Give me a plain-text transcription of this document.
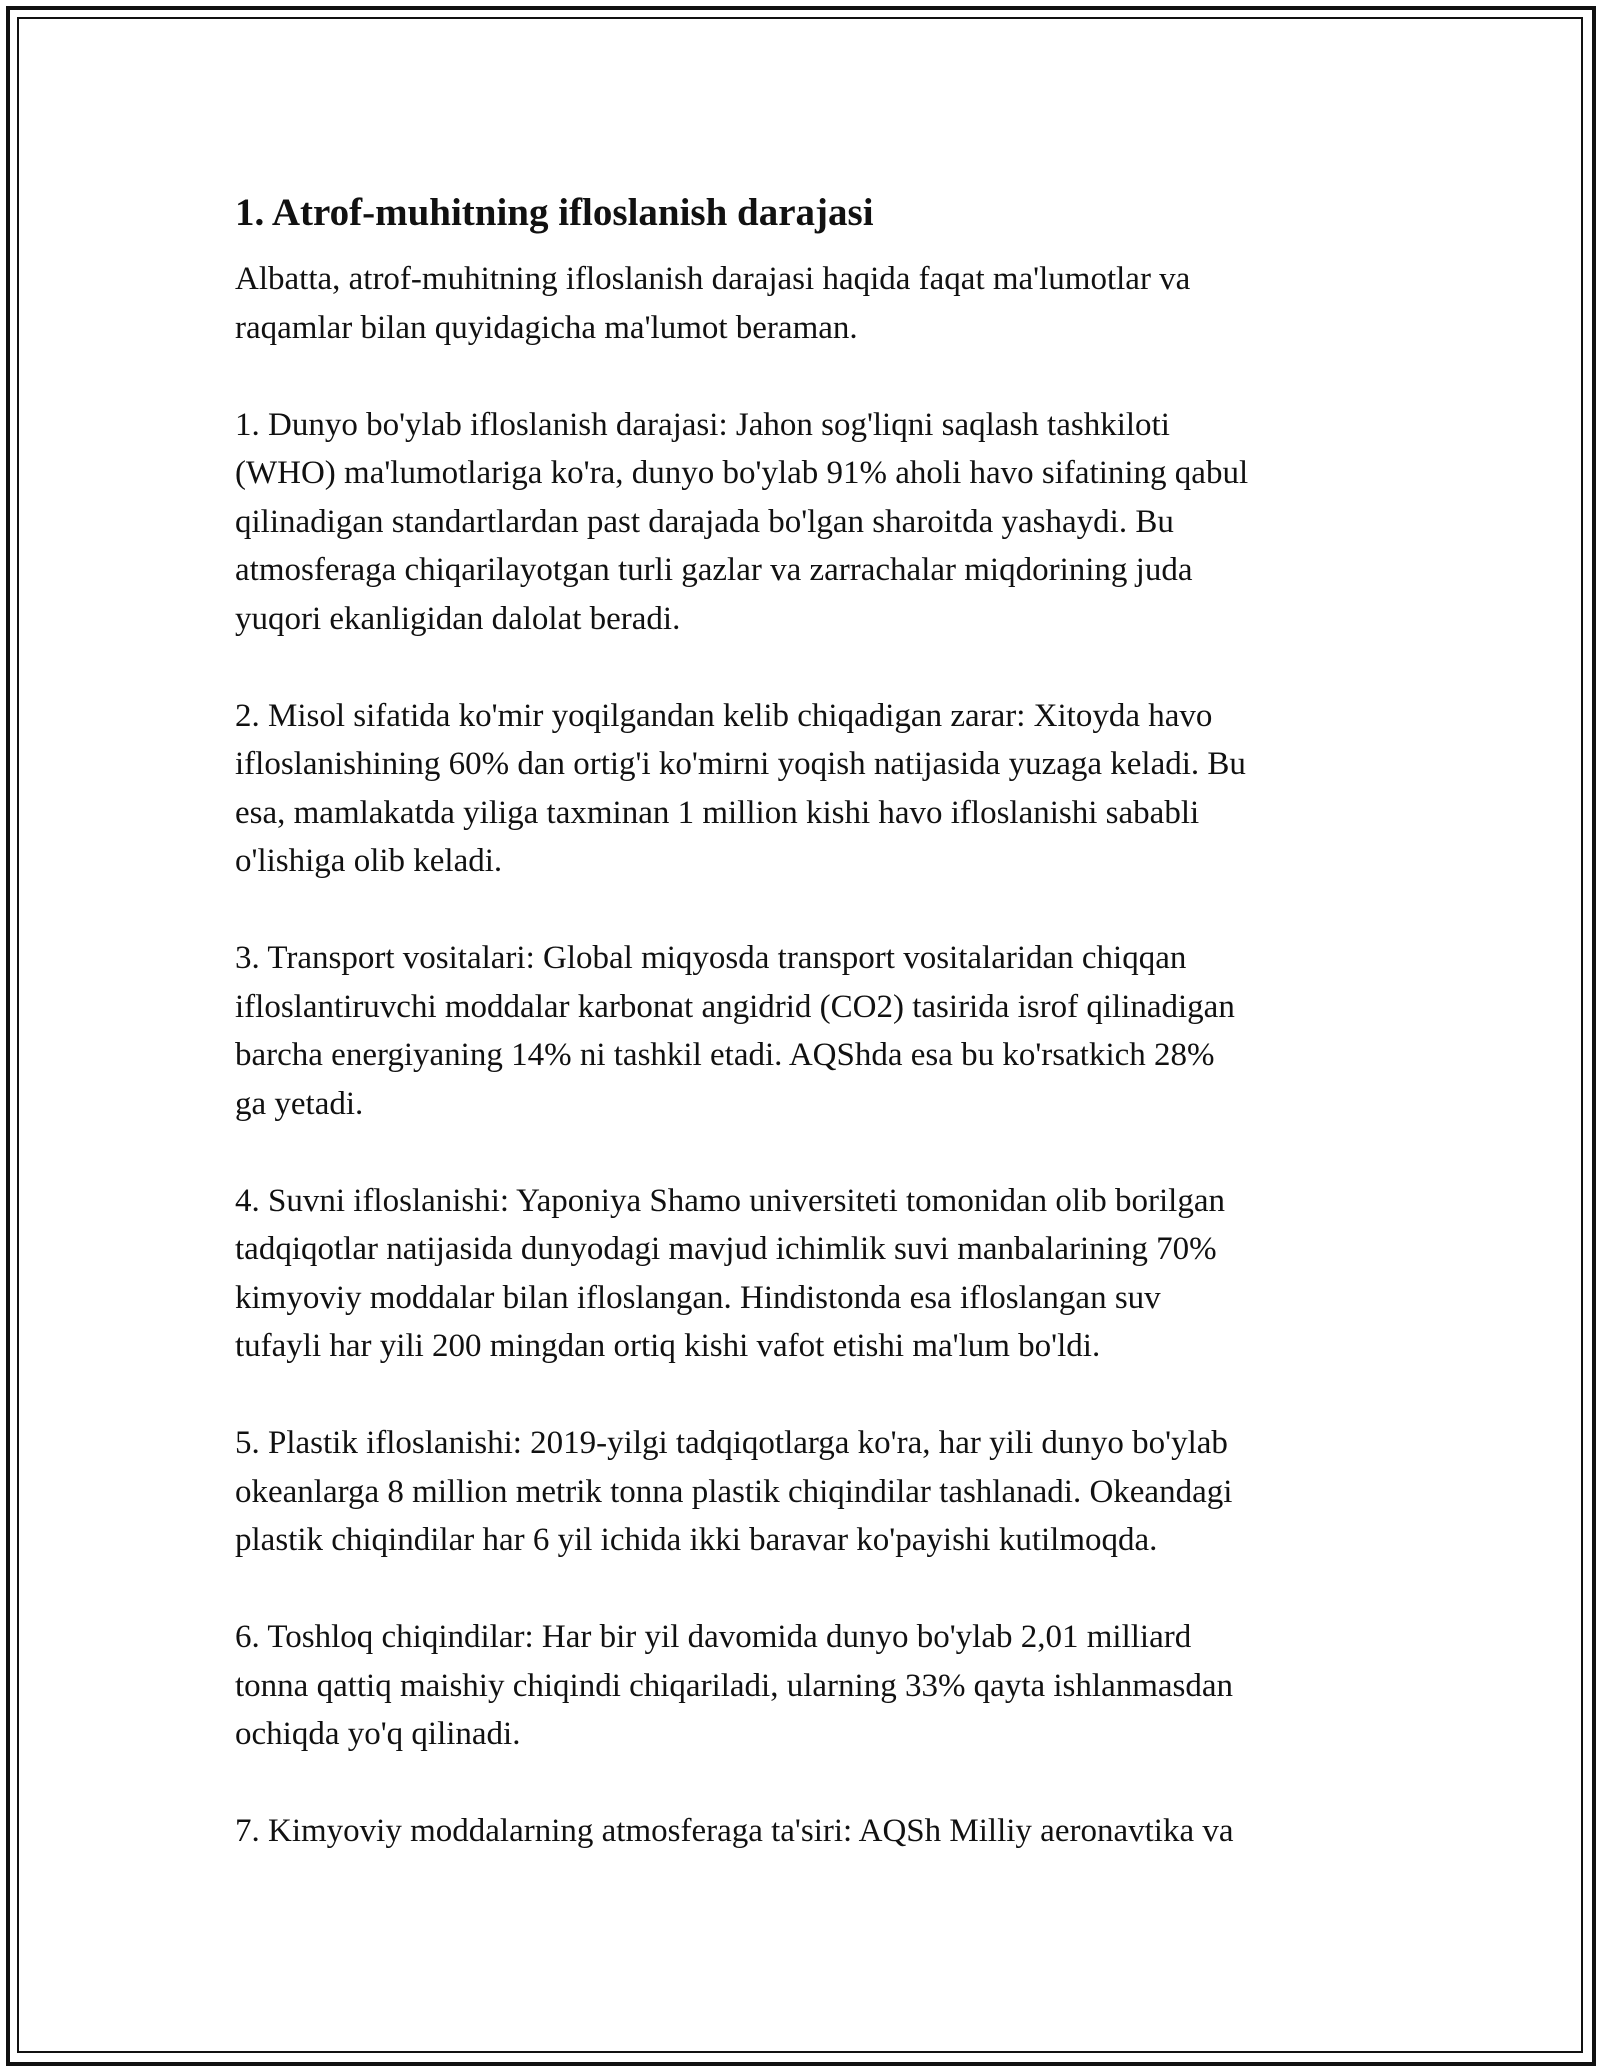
1. Atrof-muhitning ifloslanish darajasi

Albatta, atrof-muhitning ifloslanish darajasi haqida faqat ma'lumotlar va
raqamlar bilan quyidagicha ma'lumot beraman.

1. Dunyo bo'ylab ifloslanish darajasi: Jahon sog'liqni saqlash tashkiloti
(WHO) ma'lumotlariga ko'ra, dunyo bo'ylab 91% aholi havo sifatining qabul
qilinadigan standartlardan past darajada bo'lgan sharoitda yashaydi. Bu
atmosferaga chiqarilayotgan turli gazlar va zarrachalar miqdorining juda
yuqori ekanligidan dalolat beradi.

2. Misol sifatida ko'mir yoqilgandan kelib chiqadigan zarar: Xitoyda havo
ifloslanishining 60% dan ortig'i ko'mirni yoqish natijasida yuzaga keladi. Bu
esa, mamlakatda yiliga taxminan 1 million kishi havo ifloslanishi sababli
o'lishiga olib keladi.

3. Transport vositalari: Global miqyosda transport vositalaridan chiqqan
ifloslantiruvchi moddalar karbonat angidrid (CO2) tasirida isrof qilinadigan
barcha energiyaning 14% ni tashkil etadi. AQShda esa bu ko'rsatkich 28%
ga yetadi.

4. Suvni ifloslanishi: Yaponiya Shamo universiteti tomonidan olib borilgan
tadqiqotlar natijasida dunyodagi mavjud ichimlik suvi manbalarining 70%
kimyoviy moddalar bilan ifloslangan. Hindistonda esa ifloslangan suv
tufayli har yili 200 mingdan ortiq kishi vafot etishi ma'lum bo'ldi.

5. Plastik ifloslanishi: 2019-yilgi tadqiqotlarga ko'ra, har yili dunyo bo'ylab
okeanlarga 8 million metrik tonna plastik chiqindilar tashlanadi. Okeandagi
plastik chiqindilar har 6 yil ichida ikki baravar ko'payishi kutilmoqda.

6. Toshloq chiqindilar: Har bir yil davomida dunyo bo'ylab 2,01 milliard
tonna qattiq maishiy chiqindi chiqariladi, ularning 33% qayta ishlanmasdan
ochiqda yo'q qilinadi.

7. Kimyoviy moddalarning atmosferaga ta'siri: AQSh Milliy aeronavtika va
